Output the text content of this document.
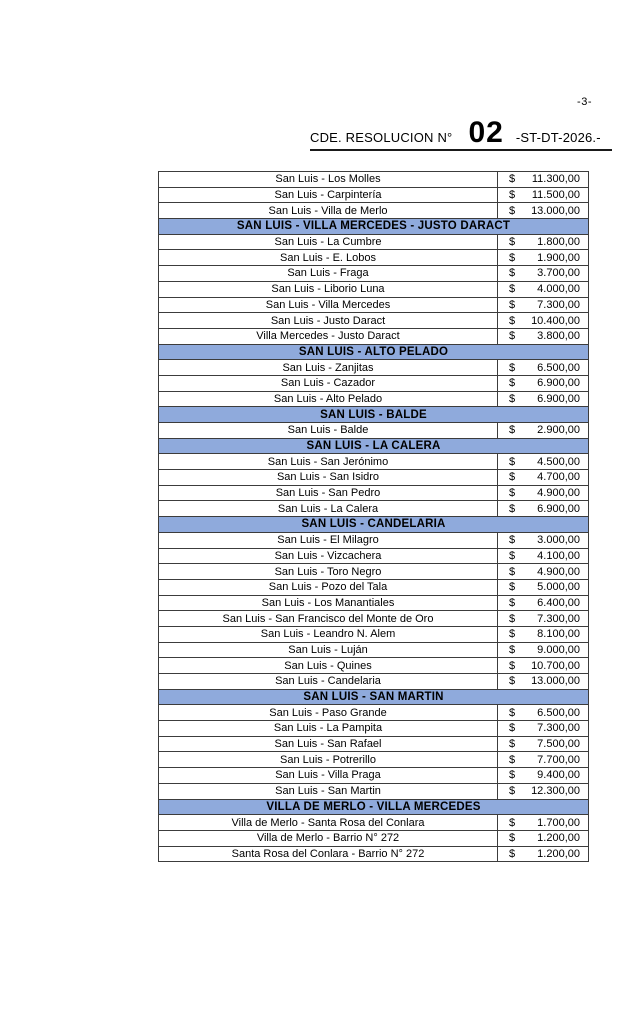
-3-
CDE. RESOLUCION N° 02 -ST-DT-2026.-
San Luis - Los Molles	$ 11.300,00

San Luis - Carpintería	$ 11.500,00

San Luis - Villa de Merlo	$ 13.000,00

SAN LUIS - VILLA MERCEDES - JUSTO DARACT	
San Luis - La Cumbre	$ 1.800,00

San Luis - E. Lobos	$ 1.900,00

San Luis - Fraga	$ 3.700,00

San Luis - Liborio Luna	$ 4.000,00

San Luis - Villa Mercedes	$ 7.300,00

San Luis - Justo Daract	$ 10.400,00

Villa Mercedes - Justo Daract	$ 3.800,00

SAN LUIS - ALTO PELADO	
San Luis - Zanjitas	$ 6.500,00

San Luis - Cazador	$ 6.900,00

San Luis - Alto Pelado	$ 6.900,00

SAN LUIS - BALDE	
San Luis - Balde	$ 2.900,00

SAN LUIS - LA CALERA	
San Luis - San Jerónimo	$ 4.500,00

San Luis - San Isidro	$ 4.700,00

San Luis - San Pedro	$ 4.900,00

San Luis - La Calera	$ 6.900,00

SAN LUIS - CANDELARIA	
San Luis - El Milagro	$ 3.000,00

San Luis - Vizcachera	$ 4.100,00

San Luis - Toro Negro	$ 4.900,00

San Luis - Pozo del Tala	$ 5.000,00

San Luis - Los Manantiales	$ 6.400,00

San Luis - San Francisco del Monte de Oro	$ 7.300,00

San Luis - Leandro N. Alem	$ 8.100,00

San Luis - Luján	$ 9.000,00

San Luis - Quines	$ 10.700,00

San Luis - Candelaria	$ 13.000,00

SAN LUIS - SAN MARTIN	
San Luis - Paso Grande	$ 6.500,00

San Luis - La Pampita	$ 7.300,00

San Luis - San Rafael	$ 7.500,00

San Luis - Potrerillo	$ 7.700,00

San Luis - Villa Praga	$ 9.400,00

San Luis - San Martin	$ 12.300,00

VILLA DE MERLO - VILLA MERCEDES	
Villa de Merlo - Santa Rosa del Conlara	$ 1.700,00

Villa de Merlo - Barrio N° 272	$ 1.200,00

Santa Rosa del Conlara - Barrio N° 272	$ 1.200,00
